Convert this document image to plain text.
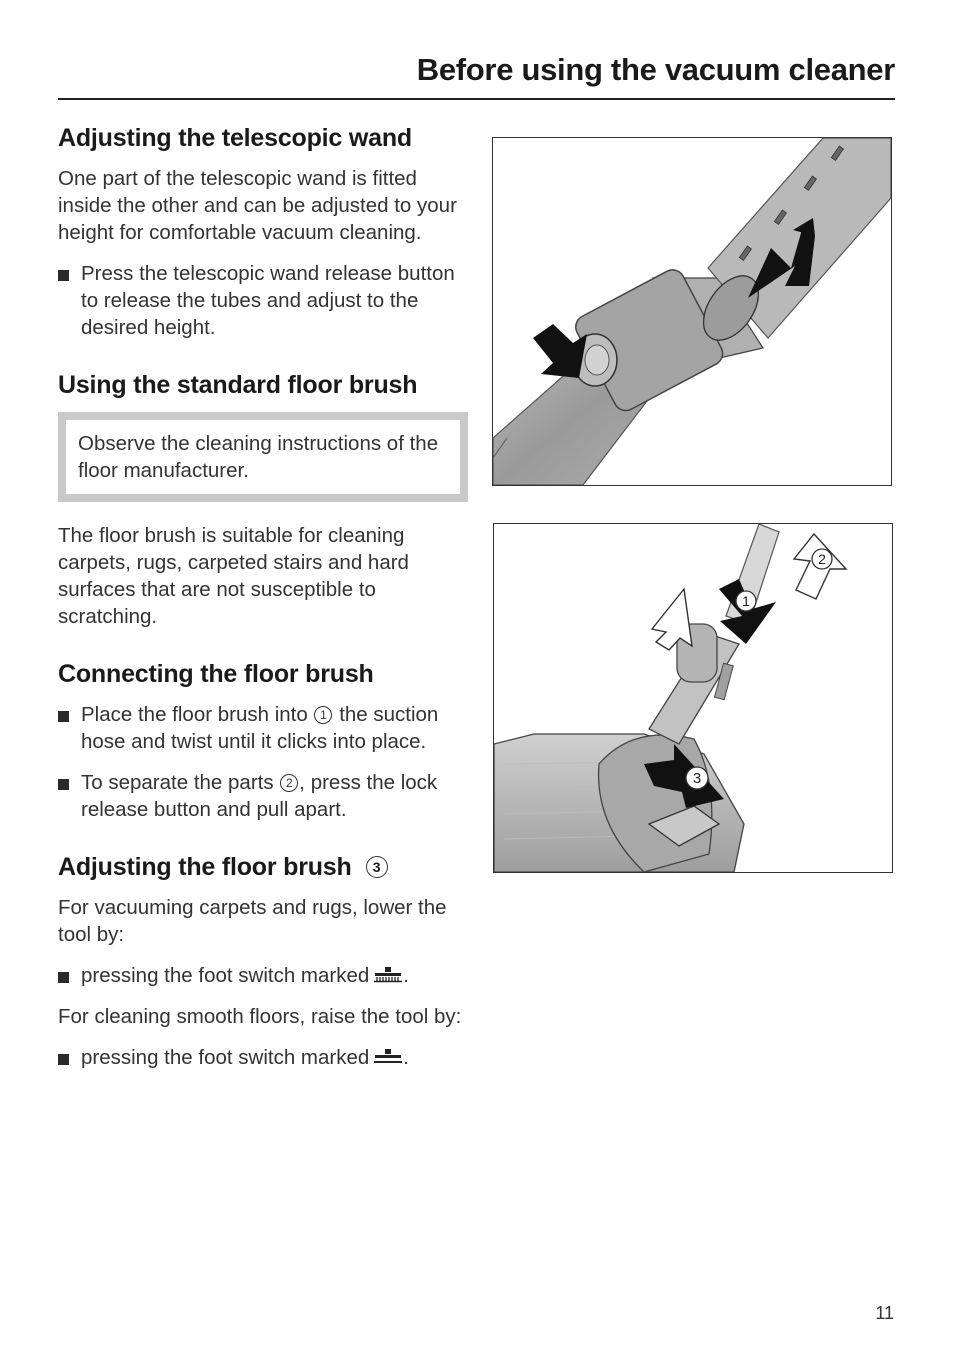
Before using the vacuum cleaner
Adjusting the telescopic wand

One part of the telescopic wand is fitted inside the other and can be adjusted to your height for comfortable vacuum cleaning.

Press the telescopic wand release button to release the tubes and adjust to the desired height.
Using the standard floor brush
Observe the cleaning instructions of the floor manufacturer.

The floor brush is suitable for cleaning carpets, rugs, carpeted stairs and hard surfaces that are not susceptible to scratching.

Connecting the floor brush
Place the floor brush into 1 the suction hose and twist until it clicks into place.
To separate the parts 2 , press the lock release button and pull apart.
Adjusting the floor brush 3

For vacuuming carpets and rugs, lower the tool by:

pressing the foot switch marked .

For cleaning smooth floors, raise the tool by:

pressing the foot switch marked .
2
1
3
11
